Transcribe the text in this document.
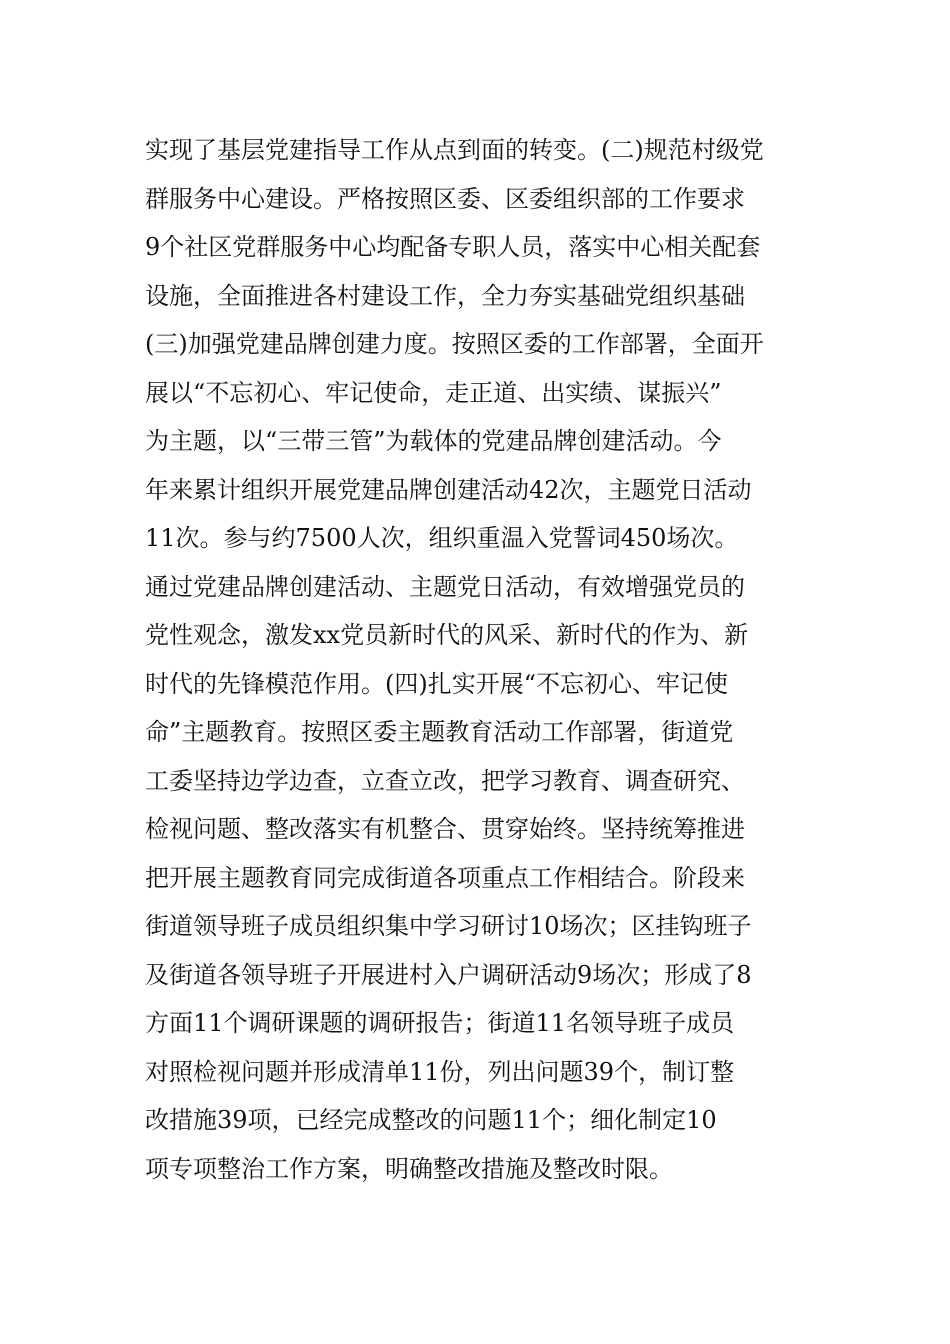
实现了基层党建指导工作从点到面的转变。(二)规范村级党
群服务中心建设。严格按照区委、区委组织部的工作要求
9个社区党群服务中心均配备专职人员，落实中心相关配套
设施，全面推进各村建设工作，全力夯实基础党组织基础
(三)加强党建品牌创建力度。按照区委的工作部署，全面开
展以“不忘初心、牢记使命，走正道、出实绩、谋振兴”
为主题，以“三带三管”为载体的党建品牌创建活动。今
年来累计组织开展党建品牌创建活动42次，主题党日活动
11次。参与约7500人次，组织重温入党誓词450场次。
通过党建品牌创建活动、主题党日活动，有效增强党员的
党性观念，激发xx党员新时代的风采、新时代的作为、新
时代的先锋模范作用。(四)扎实开展“不忘初心、牢记使
命”主题教育。按照区委主题教育活动工作部署，街道党
工委坚持边学边查，立查立改，把学习教育、调查研究、
检视问题、整改落实有机整合、贯穿始终。坚持统筹推进
把开展主题教育同完成街道各项重点工作相结合。阶段来
街道领导班子成员组织集中学习研讨10场次；区挂钩班子
及街道各领导班子开展进村入户调研活动9场次；形成了8
方面11个调研课题的调研报告；街道11名领导班子成员
对照检视问题并形成清单11份，列出问题39个，制订整
改措施39项，已经完成整改的问题11个；细化制定10
项专项整治工作方案，明确整改措施及整改时限。
